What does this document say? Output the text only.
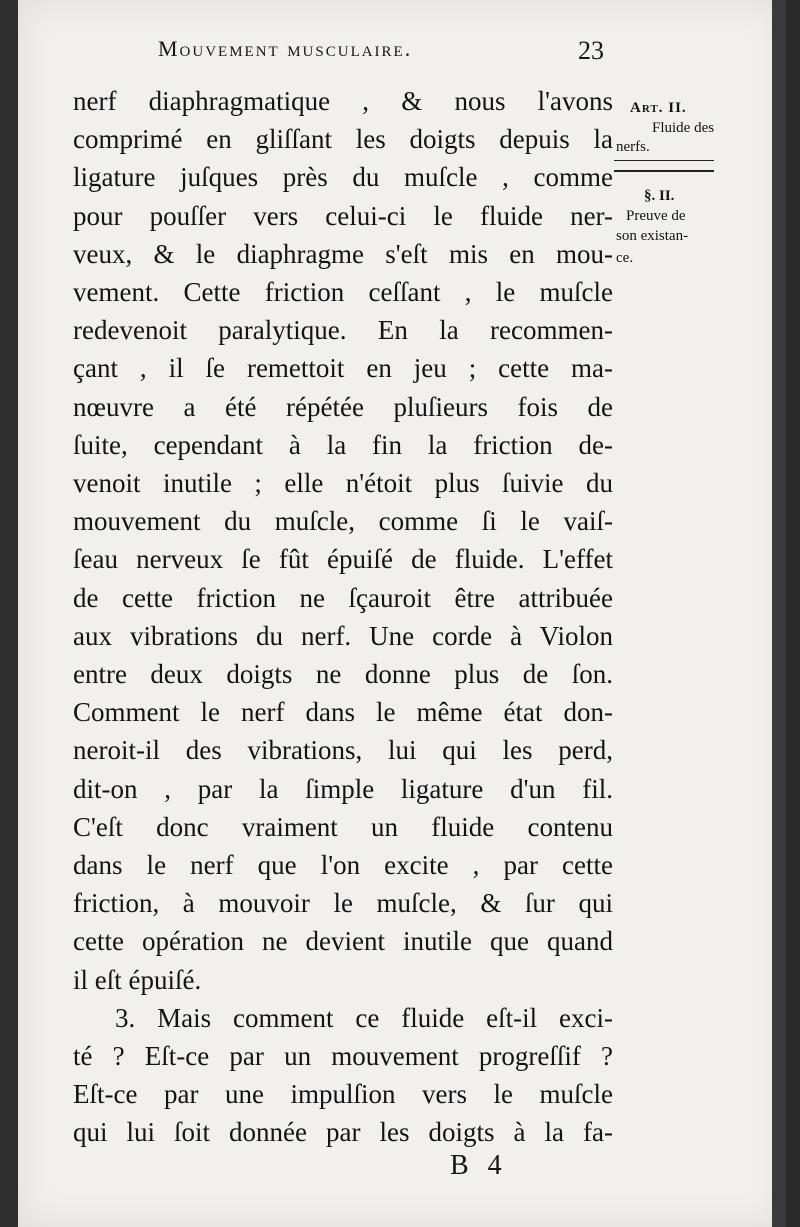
Mouvement musculaire.	23
nerf diaphragmatique , & nous l'avons
comprimé en gliſſant les doigts depuis la
ligature juſques près du muſcle , comme
pour pouſſer vers celui-ci le fluide ner-
veux, & le diaphragme s'eſt mis en mou-
vement. Cette friction ceſſant , le muſcle
redevenoit paralytique. En la recommen-
çant , il ſe remettoit en jeu ; cette ma-
nœuvre a été répétée pluſieurs fois de
ſuite, cependant à la fin la friction de-
venoit inutile ; elle n'étoit plus ſuivie du
mouvement du muſcle, comme ſi le vaiſ-
ſeau nerveux ſe fût épuiſé de fluide. L'effet
de cette friction ne ſçauroit être attribuée
aux vibrations du nerf. Une corde à Violon
entre deux doigts ne donne plus de ſon.
Comment le nerf dans le même état don-
neroit-il des vibrations, lui qui les perd,
dit-on , par la ſimple ligature d'un fil.
C'eſt donc vraiment un fluide contenu
dans le nerf que l'on excite , par cette
friction, à mouvoir le muſcle, & ſur qui
cette opération ne devient inutile que quand
il eſt épuiſé.
3. Mais comment ce fluide eſt-il exci-
té ? Eſt-ce par un mouvement progreſſif ?
Eſt-ce par une impulſion vers le muſcle
qui lui ſoit donnée par les doigts à la fa-
Art. II.
Fluide des
nerfs.
§. II.
Preuve de
son existan-
ce.
B 4
